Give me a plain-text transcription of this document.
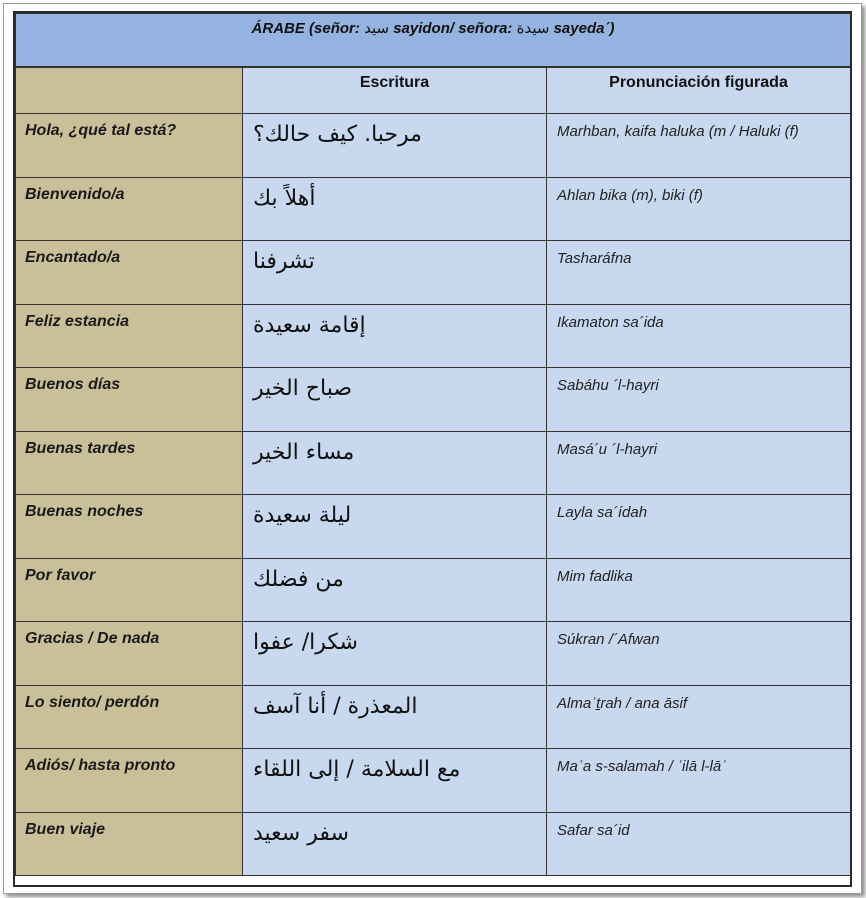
ÁRABE (señor: سيد sayidon/ señora: سيدة sayeda´)		
	Escritura	Pronunciación figurada
Hola, ¿qué tal está?	مرحبا. كيف حالك؟	Marhban, kaifa haluka (m / Haluki (f)
Bienvenido/a	أهلاً بك	Ahlan bika (m), biki (f)
Encantado/a	تشرفنا	Tasharáfna
Feliz estancia	إقامة سعيدة	Ikamaton sa´ida
Buenos días	صباح الخير	Sabáhu ´l-hayri
Buenas tardes	مساء الخير	Masá´u ´l-hayri
Buenas noches	ليلة سعيدة	Layla sa´ídah
Por favor	من فضلك	Mim fadlika
Gracias / De nada	شكرا/ عفوا	Súkran /´Afwan
Lo siento/ perdón	المعذرة / أنا آسف	Almaʿṯrah / ana āsif
Adiós/ hasta pronto	مع السلامة / إلى اللقاء	Maʿa s-salamah / ʾilā l-lāʾ
Buen viaje	سفر سعيد	Safar sa´id
